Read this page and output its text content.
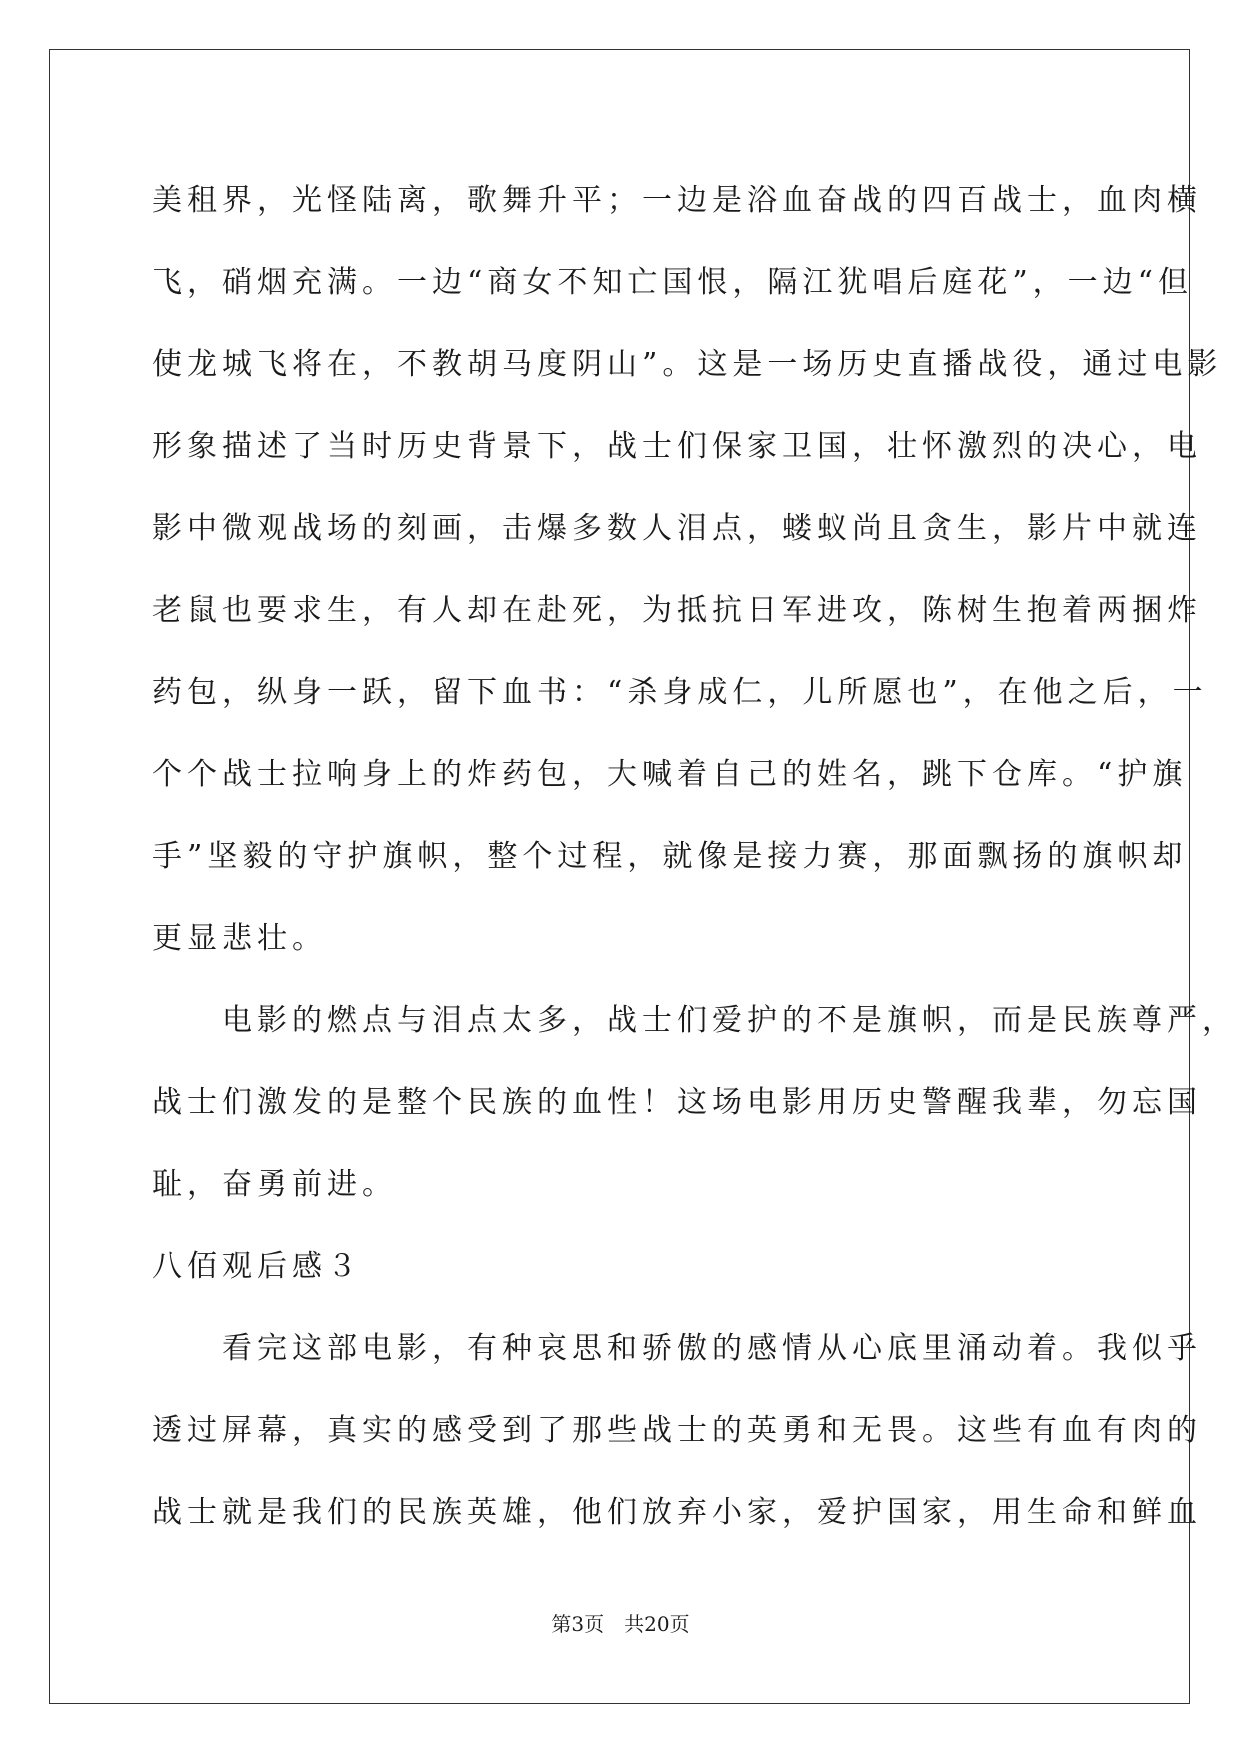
美租界，光怪陆离，歌舞升平；一边是浴血奋战的四百战士，血肉横
飞，硝烟充满。一边“商女不知亡国恨，隔江犹唱后庭花”，一边“但
使龙城飞将在，不教胡马度阴山”。这是一场历史直播战役，通过电影
形象描述了当时历史背景下，战士们保家卫国，壮怀激烈的决心，电
影中微观战场的刻画，击爆多数人泪点，蝼蚁尚且贪生，影片中就连
老鼠也要求生，有人却在赴死，为抵抗日军进攻，陈树生抱着两捆炸
药包，纵身一跃，留下血书：“杀身成仁，儿所愿也”，在他之后，一
个个战士拉响身上的炸药包，大喊着自己的姓名，跳下仓库。“护旗
手”坚毅的守护旗帜，整个过程，就像是接力赛，那面飘扬的旗帜却
更显悲壮。
　　电影的燃点与泪点太多，战士们爱护的不是旗帜，而是民族尊严，
战士们激发的是整个民族的血性！这场电影用历史警醒我辈，勿忘国
耻，奋勇前进。
八佰观后感３
　　看完这部电影，有种哀思和骄傲的感情从心底里涌动着。我似乎
透过屏幕，真实的感受到了那些战士的英勇和无畏。这些有血有肉的
战士就是我们的民族英雄，他们放弃小家，爱护国家，用生命和鲜血
第3页　共20页
